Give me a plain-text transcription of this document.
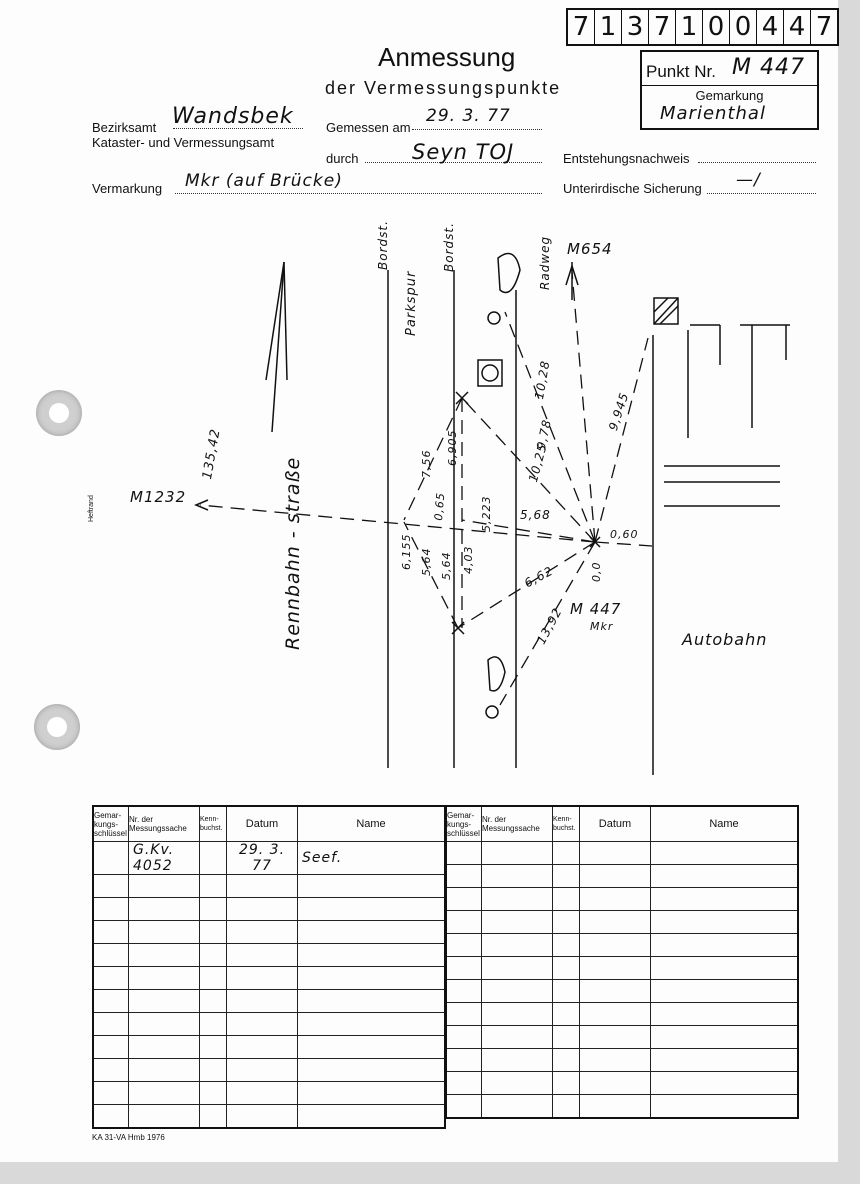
7 1 3 7 1 0 0 4 4 7
Anmessung
der Vermessungspunkte
Punkt Nr. M 447
Gemarkung
Marienthal
Bezirksamt Wandsbek
Kataster- und Vermessungsamt
Gemessen am
29. 3. 77
durch	Seyn TOJ	Entstehungsnachweis
Vermarkung Mkr (auf Brücke)	Unterirdische Sicherung —/
M1232
135,42
Rennbahn - straße
M654
Bordst.
Parkspur
Bordst.	Radweg
M 447
Mkr
Autobahn
0,60
9,945
10,28
9,78
10,25
5,68
6,62
13,92
0,0
7,56 6,905
0,65	5,223
6,155 5,64 5,64 4,03
Heftrand
Gemar-kungs-schlüssel	Nr. der Messungssache	Kenn-buchst.	Datum	Name
	G.Kv. 4052		29. 3. 77	Seef.

Gemar-kungs-schlüssel	Nr. der Messungssache	Kenn-buchst.	Datum	Name

KA 31-VA Hmb 1976
